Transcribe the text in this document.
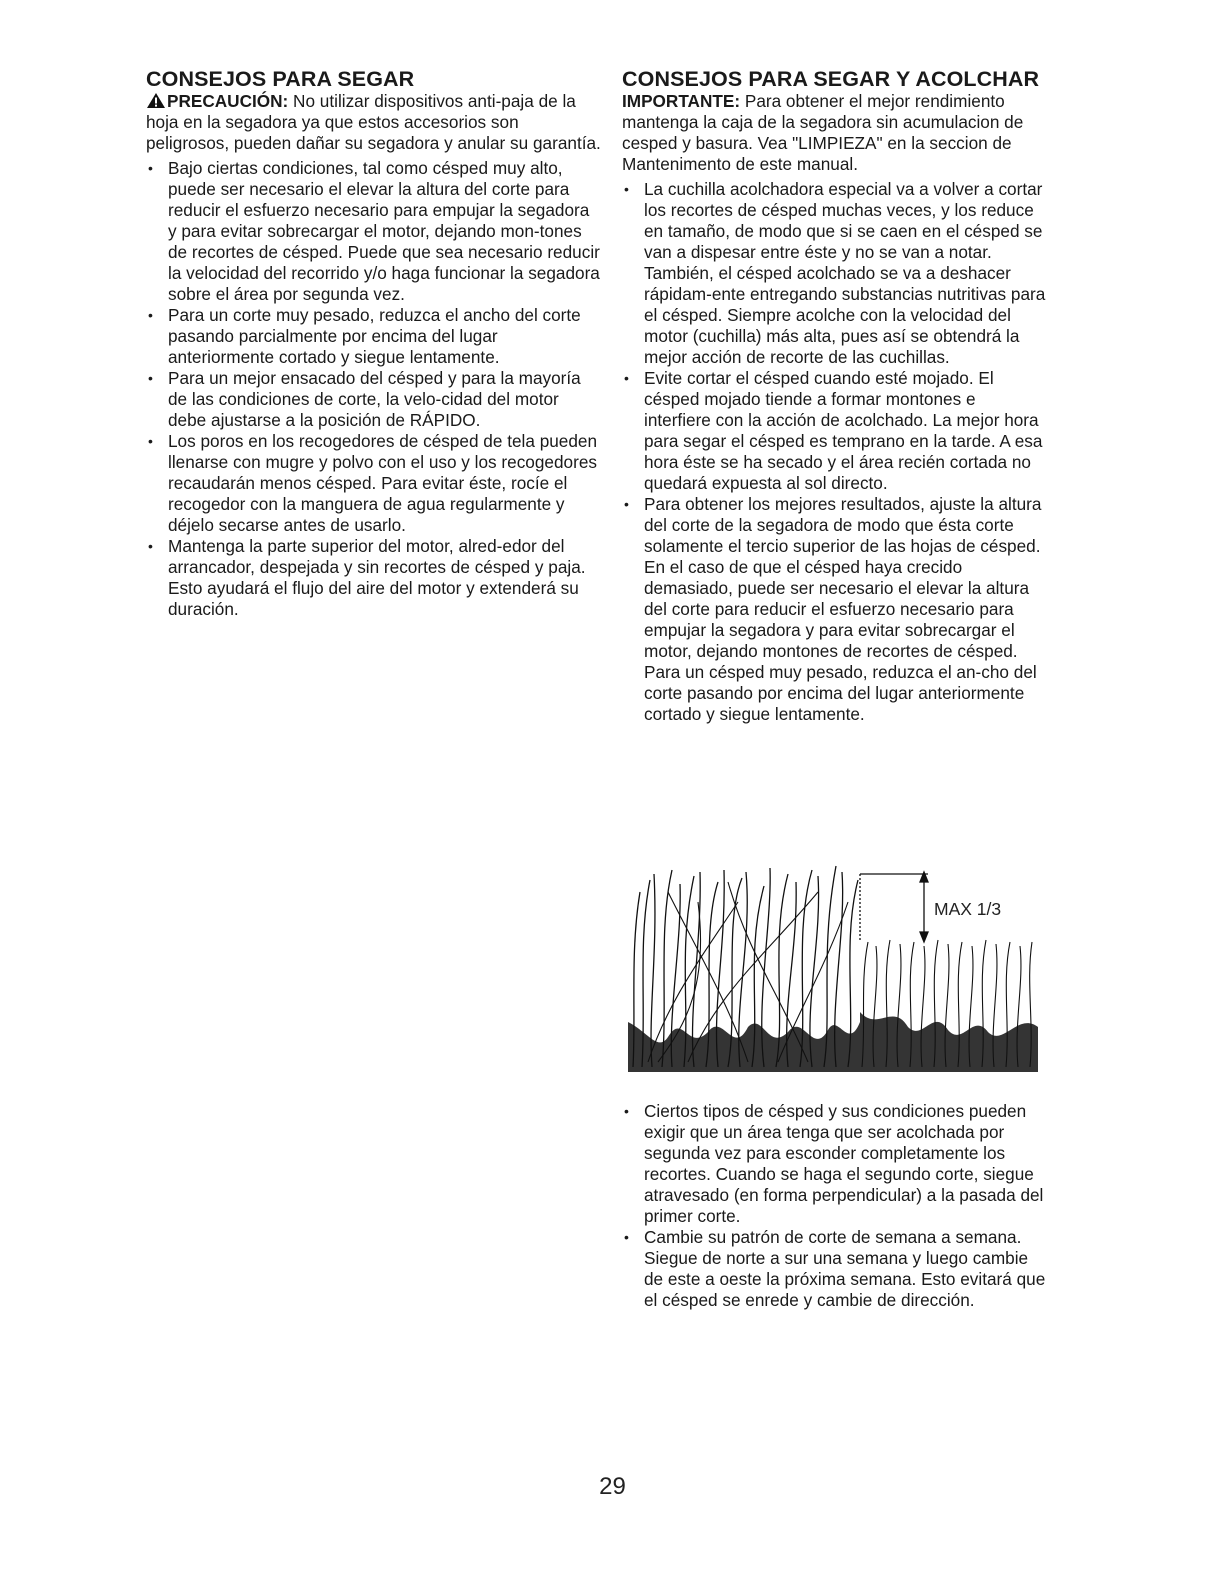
CONSEJOS PARA SEGAR

PRECAUCIÓN: No utilizar dispositivos anti-paja de la hoja en la segadora ya que estos accesorios son peligrosos, pueden dañar su segadora y anular su garantía.

• Bajo ciertas condiciones, tal como césped muy alto, puede ser necesario el elevar la altura del corte para reducir el esfuerzo necesario para empujar la segadora y para evitar sobrecargar el motor, dejando mon-tones de recortes de césped. Puede que sea necesario reducir la velocidad del recorrido y/o haga funcionar la segadora sobre el área por segunda vez.
• Para un corte muy pesado, reduzca el ancho del corte pasando parcialmente por encima del lugar anteriormente cortado y siegue lentamente.
• Para un mejor ensacado del césped y para la mayoría de las condiciones de corte, la velo-cidad del motor debe ajustarse a la posición de RÁPIDO.
• Los poros en los recogedores de césped de tela pueden llenarse con mugre y polvo con el uso y los recogedores recaudarán menos césped. Para evitar éste, rocíe el recogedor con la manguera de agua regularmente y déjelo secarse antes de usarlo.
• Mantenga la parte superior del motor, alred-edor del arrancador, despejada y sin recortes de césped y paja. Esto ayudará el flujo del aire del motor y extenderá su duración.
CONSEJOS PARA SEGAR Y ACOLCHAR

IMPORTANTE: Para obtener el mejor rendimiento mantenga la caja de la segadora sin acumulacion de cesped y basura. Vea "LIMPIEZA" en la seccion de Mantenimento de este manual.

• La cuchilla acolchadora especial va a volver a cortar los recortes de césped muchas veces, y los reduce en tamaño, de modo que si se caen en el césped se van a dispesar entre éste y no se van a notar. También, el césped acolchado se va a deshacer rápidam-ente entregando substancias nutritivas para el césped. Siempre acolche con la velocidad del motor (cuchilla) más alta, pues así se obtendrá la mejor acción de recorte de las cuchillas.
• Evite cortar el césped cuando esté mojado. El césped mojado tiende a formar montones e interfiere con la acción de acolchado. La mejor hora para segar el césped es temprano en la tarde. A esa hora éste se ha secado y el área recién cortada no quedará expuesta al sol directo.
• Para obtener los mejores resultados, ajuste la altura del corte de la segadora de modo que ésta corte solamente el tercio superior de las hojas de césped. En el caso de que el césped haya crecido demasiado, puede ser necesario el elevar la altura del corte para reducir el esfuerzo necesario para empujar la segadora y para evitar sobrecargar el motor, dejando montones de recortes de césped. Para un césped muy pesado, reduzca el an-cho del corte pasando por encima del lugar anteriormente cortado y siegue lentamente.
MAX 1/3
• Ciertos tipos de césped y sus condiciones pueden exigir que un área tenga que ser acolchada por segunda vez para esconder completamente los recortes. Cuando se haga el segundo corte, siegue atravesado (en forma perpendicular) a la pasada del primer corte.
• Cambie su patrón de corte de semana a semana. Siegue de norte a sur una semana y luego cambie de este a oeste la próxima semana. Esto evitará que el césped se enrede y cambie de dirección.
29
